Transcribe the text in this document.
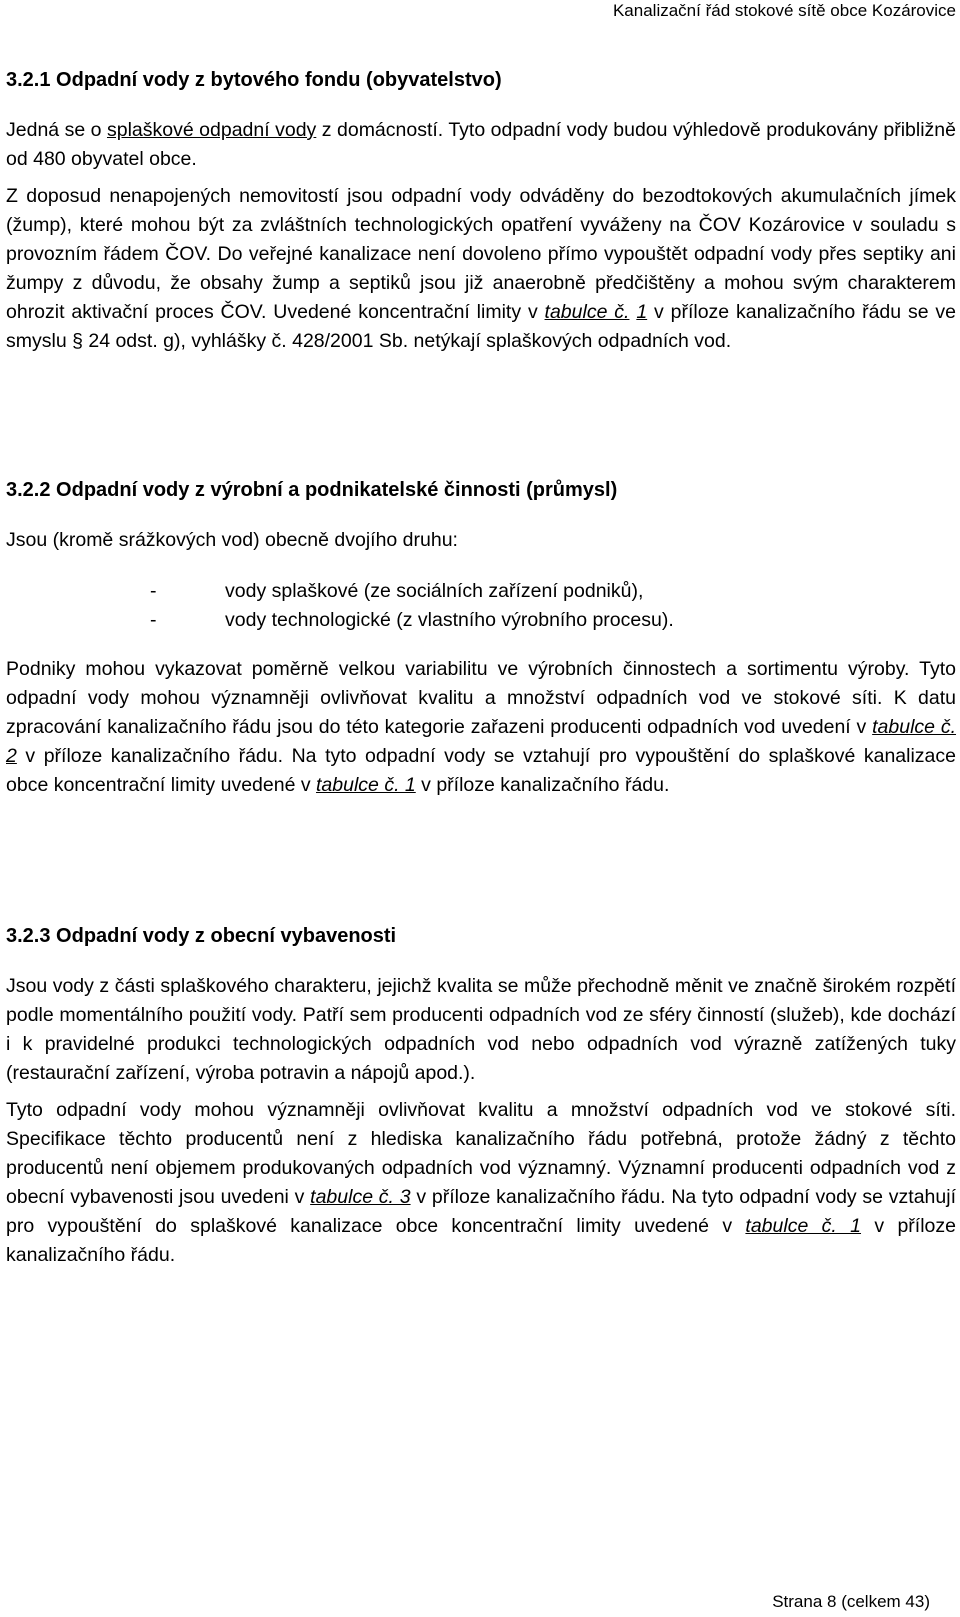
Kanalizační řád stokové sítě obce Kozárovice
3.2.1 Odpadní vody z bytového fondu (obyvatelstvo)

Jedná se o splaškové odpadní vody z domácností. Tyto odpadní vody budou výhledově produkovány přibližně od 480 obyvatel obce.

Z doposud nenapojených nemovitostí jsou odpadní vody odváděny do bezodtokových akumulačních jímek (žump), které mohou být za zvláštních technologických opatření vyváženy na ČOV Kozárovice v souladu s provozním řádem ČOV. Do veřejné kanalizace není dovoleno přímo vypouštět odpadní vody přes septiky ani žumpy z důvodu, že obsahy žump a septiků jsou již anaerobně předčištěny a mohou svým charakterem ohrozit aktivační proces ČOV. Uvedené koncentrační limity v tabulce č. 1 v příloze kanalizačního řádu se ve smyslu § 24 odst. g), vyhlášky č. 428/2001 Sb. netýkají splaškových odpadních vod.

3.2.2 Odpadní vody z výrobní a podnikatelské činnosti (průmysl)

Jsou (kromě srážkových vod) obecně dvojího druhu:

-	vody splaškové (ze sociálních zařízení podniků),
-	vody technologické (z vlastního výrobního procesu).

Podniky mohou vykazovat poměrně velkou variabilitu ve výrobních činnostech a sortimentu výroby. Tyto odpadní vody mohou významněji ovlivňovat kvalitu a množství odpadních vod ve stokové síti. K datu zpracování kanalizačního řádu jsou do této kategorie zařazeni producenti odpadních vod uvedení v tabulce č. 2 v příloze kanalizačního řádu. Na tyto odpadní vody se vztahují pro vypouštění do splaškové kanalizace obce koncentrační limity uvedené v tabulce č. 1 v příloze kanalizačního řádu.

3.2.3 Odpadní vody z obecní vybavenosti

Jsou vody z části splaškového charakteru, jejichž kvalita se může přechodně měnit ve značně širokém rozpětí podle momentálního použití vody. Patří sem producenti odpadních vod ze sféry činností (služeb), kde dochází i k pravidelné produkci technologických odpadních vod nebo odpadních vod výrazně zatížených tuky (restaurační zařízení, výroba potravin a nápojů apod.).

Tyto odpadní vody mohou významněji ovlivňovat kvalitu a množství odpadních vod ve stokové síti. Specifikace těchto producentů není z hlediska kanalizačního řádu potřebná, protože žádný z těchto producentů není objemem produkovaných odpadních vod významný. Významní producenti odpadních vod z obecní vybavenosti jsou uvedeni v tabulce č. 3 v příloze kanalizačního řádu. Na tyto odpadní vody se vztahují pro vypouštění do splaškové kanalizace obce koncentrační limity uvedené v tabulce č. 1 v příloze kanalizačního řádu.

Strana 8 (celkem 43)
